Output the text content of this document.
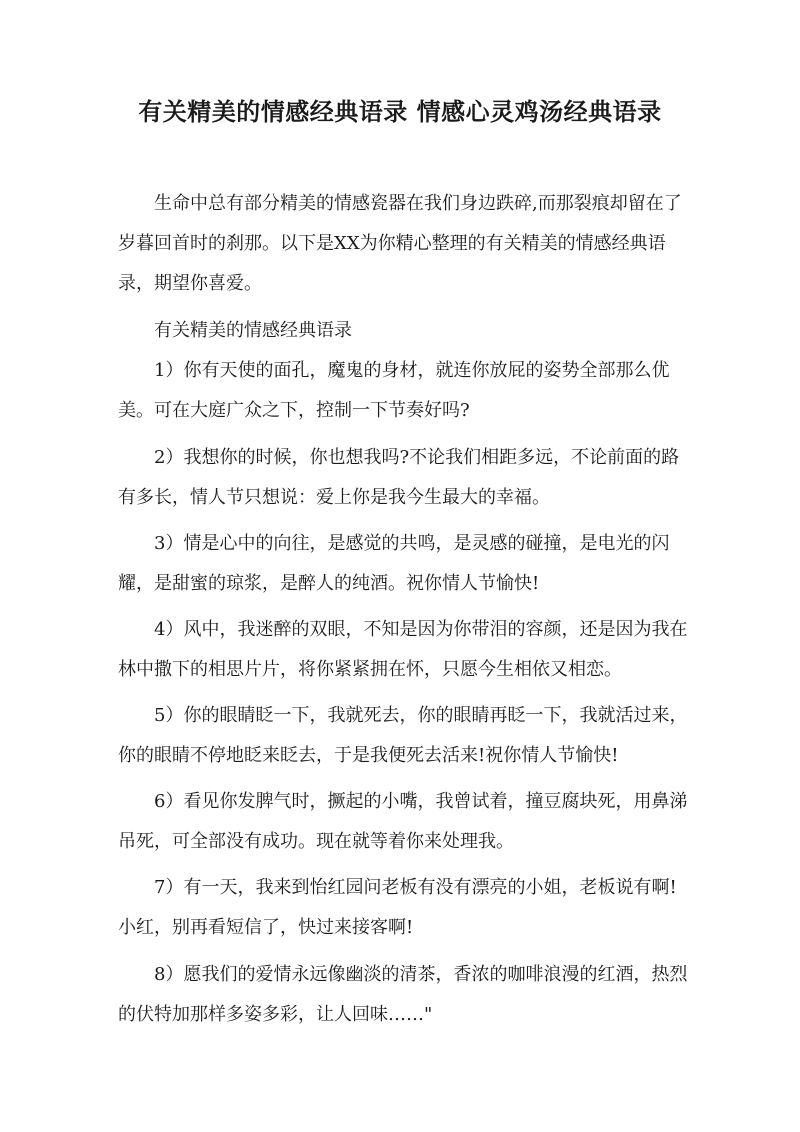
有关精美的情感经典语录 情感心灵鸡汤经典语录

生命中总有部分精美的情感瓷器在我们身边跌碎,而那裂痕却留在了岁暮回首时的刹那。以下是XX为你精心整理的有关精美的情感经典语录，期望你喜爱。

有关精美的情感经典语录

1）你有天使的面孔，魔鬼的身材，就连你放屁的姿势全部那么优美。可在大庭广众之下，控制一下节奏好吗?

2）我想你的时候，你也想我吗?不论我们相距多远，不论前面的路有多长，情人节只想说：爱上你是我今生最大的幸福。

3）情是心中的向往，是感觉的共鸣，是灵感的碰撞，是电光的闪耀，是甜蜜的琼浆，是醉人的纯酒。祝你情人节愉快!

4）风中，我迷醉的双眼，不知是因为你带泪的容颜，还是因为我在林中撒下的相思片片，将你紧紧拥在怀，只愿今生相依又相恋。

5）你的眼睛眨一下，我就死去，你的眼睛再眨一下，我就活过来，你的眼睛不停地眨来眨去，于是我便死去活来!祝你情人节愉快!

6）看见你发脾气时，撅起的小嘴，我曾试着，撞豆腐块死，用鼻涕吊死，可全部没有成功。现在就等着你来处理我。

7）有一天，我来到怡红园问老板有没有漂亮的小姐，老板说有啊!小红，别再看短信了，快过来接客啊!

8）愿我们的爱情永远像幽淡的清茶，香浓的咖啡浪漫的红酒，热烈的伏特加那样多姿多彩，让人回味……"
